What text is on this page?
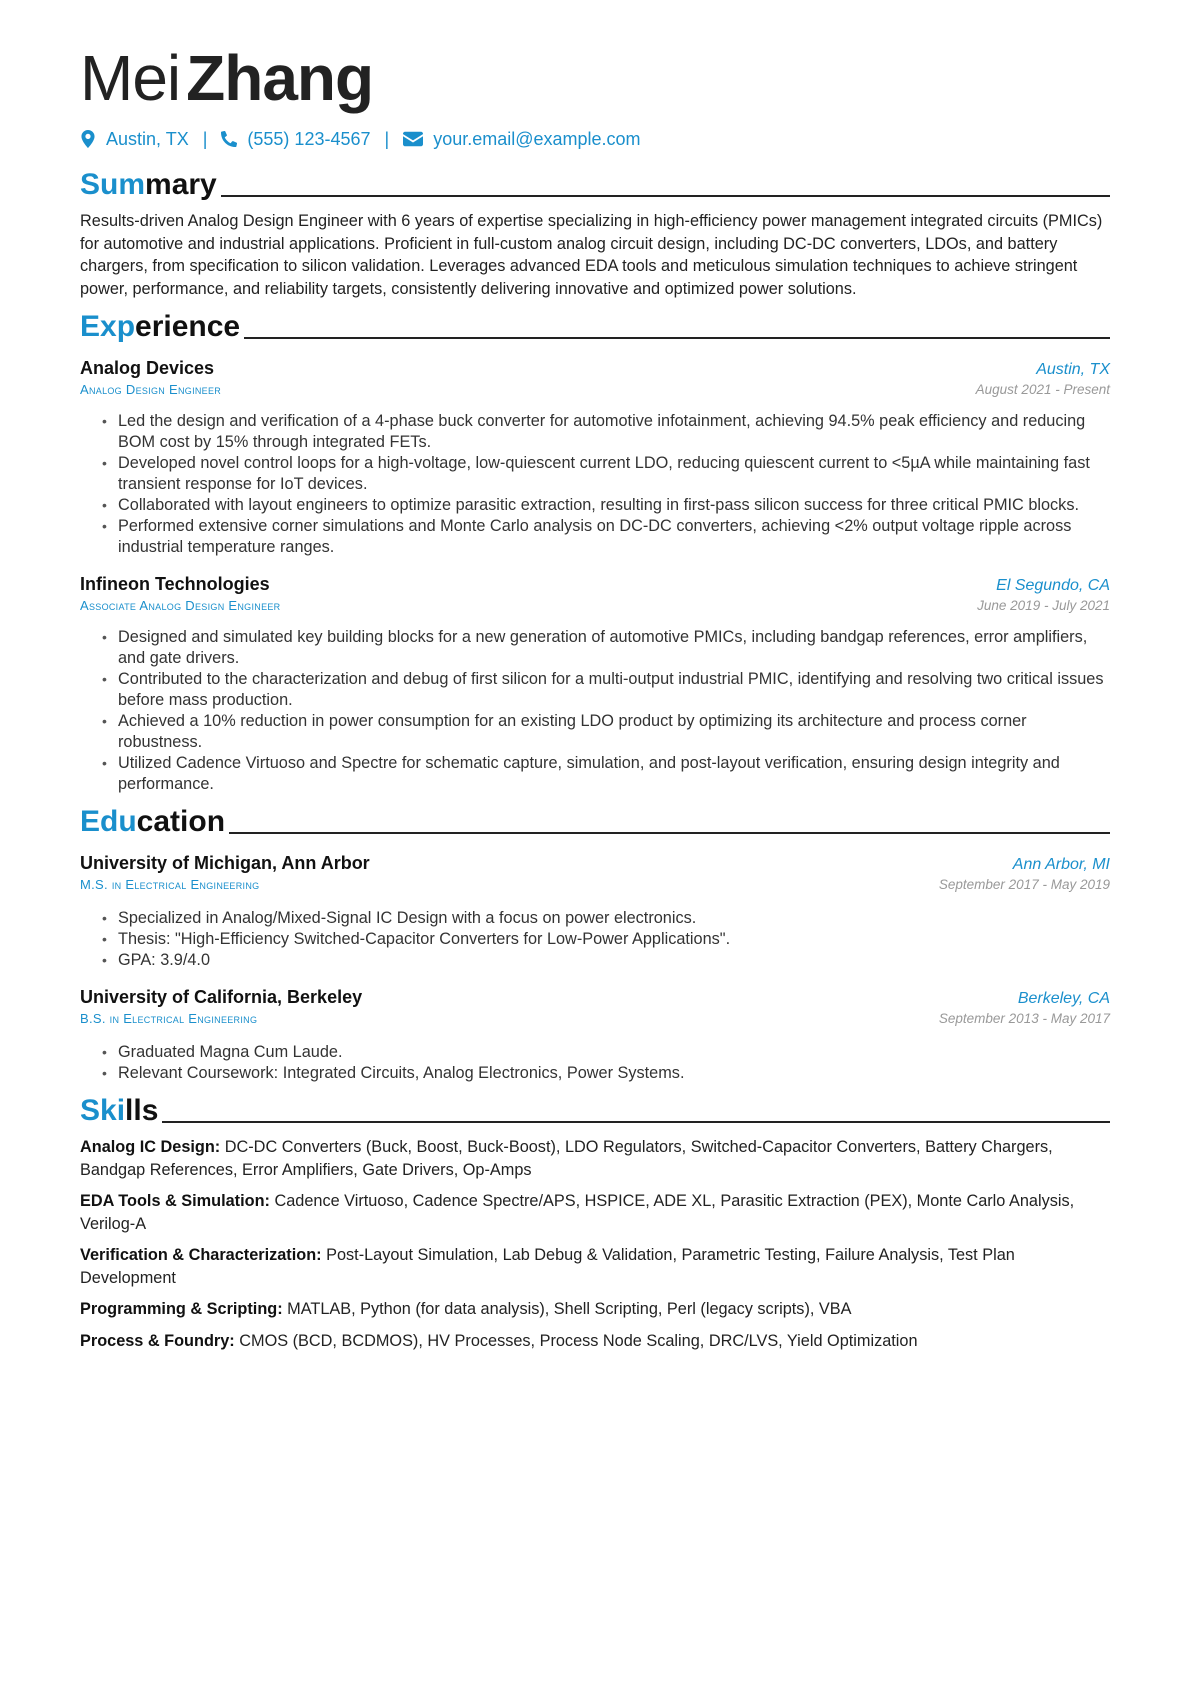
MeiZhang
Austin, TX | (555) 123-4567 | your.email@example.com
Summary

Results-driven Analog Design Engineer with 6 years of expertise specializing in high-efficiency power management integrated circuits (PMICs) for automotive and industrial applications. Proficient in full-custom analog circuit design, including DC-DC converters, LDOs, and battery chargers, from specification to silicon validation. Leverages advanced EDA tools and meticulous simulation techniques to achieve stringent power, performance, and reliability targets, consistently delivering innovative and optimized power solutions.

Experience
Analog Devices	Austin, TX
Analog Design Engineer	August 2021 - Present
• Led the design and verification of a 4-phase buck converter for automotive infotainment, achieving 94.5% peak efficiency and reducing BOM cost by 15% through integrated FETs.
• Developed novel control loops for a high-voltage, low-quiescent current LDO, reducing quiescent current to <5µA while maintaining fast transient response for IoT devices.
• Collaborated with layout engineers to optimize parasitic extraction, resulting in first-pass silicon success for three critical PMIC blocks.
• Performed extensive corner simulations and Monte Carlo analysis on DC-DC converters, achieving <2% output voltage ripple across industrial temperature ranges.
Infineon Technologies	El Segundo, CA
Associate Analog Design Engineer	June 2019 - July 2021
• Designed and simulated key building blocks for a new generation of automotive PMICs, including bandgap references, error amplifiers, and gate drivers.
• Contributed to the characterization and debug of first silicon for a multi-output industrial PMIC, identifying and resolving two critical issues before mass production.
• Achieved a 10% reduction in power consumption for an existing LDO product by optimizing its architecture and process corner robustness.
• Utilized Cadence Virtuoso and Spectre for schematic capture, simulation, and post-layout verification, ensuring design integrity and performance.
Education
University of Michigan, Ann Arbor	Ann Arbor, MI
M.S. in Electrical Engineering	September 2017 - May 2019
• Specialized in Analog/Mixed-Signal IC Design with a focus on power electronics.
• Thesis: "High-Efficiency Switched-Capacitor Converters for Low-Power Applications".
• GPA: 3.9/4.0
University of California, Berkeley	Berkeley, CA
B.S. in Electrical Engineering	September 2013 - May 2017
• Graduated Magna Cum Laude.
• Relevant Coursework: Integrated Circuits, Analog Electronics, Power Systems.
Skills

Analog IC Design: DC-DC Converters (Buck, Boost, Buck-Boost), LDO Regulators, Switched-Capacitor Converters, Battery Chargers, Bandgap References, Error Amplifiers, Gate Drivers, Op-Amps

EDA Tools & Simulation: Cadence Virtuoso, Cadence Spectre/APS, HSPICE, ADE XL, Parasitic Extraction (PEX), Monte Carlo Analysis, Verilog-A

Verification & Characterization: Post-Layout Simulation, Lab Debug & Validation, Parametric Testing, Failure Analysis, Test Plan Development

Programming & Scripting: MATLAB, Python (for data analysis), Shell Scripting, Perl (legacy scripts), VBA

Process & Foundry: CMOS (BCD, BCDMOS), HV Processes, Process Node Scaling, DRC/LVS, Yield Optimization
